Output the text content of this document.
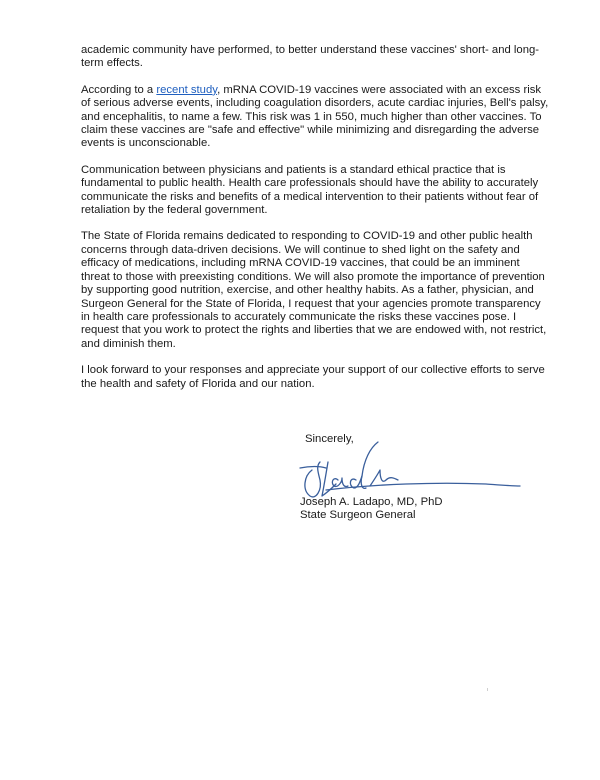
academic community have performed, to better understand these vaccines' short- and long-term effects.

According to a recent study, mRNA COVID-19 vaccines were associated with an excess risk of serious adverse events, including coagulation disorders, acute cardiac injuries, Bell's palsy, and encephalitis, to name a few. This risk was 1 in 550, much higher than other vaccines. To claim these vaccines are "safe and effective" while minimizing and disregarding the adverse events is unconscionable.

Communication between physicians and patients is a standard ethical practice that is fundamental to public health. Health care professionals should have the ability to accurately communicate the risks and benefits of a medical intervention to their patients without fear of retaliation by the federal government.

The State of Florida remains dedicated to responding to COVID-19 and other public health concerns through data-driven decisions. We will continue to shed light on the safety and efficacy of medications, including mRNA COVID-19 vaccines, that could be an imminent threat to those with preexisting conditions. We will also promote the importance of prevention by supporting good nutrition, exercise, and other healthy habits. As a father, physician, and Surgeon General for the State of Florida, I request that your agencies promote transparency in health care professionals to accurately communicate the risks these vaccines pose. I request that you work to protect the rights and liberties that we are endowed with, not restrict, and diminish them.

I look forward to your responses and appreciate your support of our collective efforts to serve the health and safety of Florida and our nation.

Sincerely,
Joseph A. Ladapo, MD, PhD
State Surgeon General
